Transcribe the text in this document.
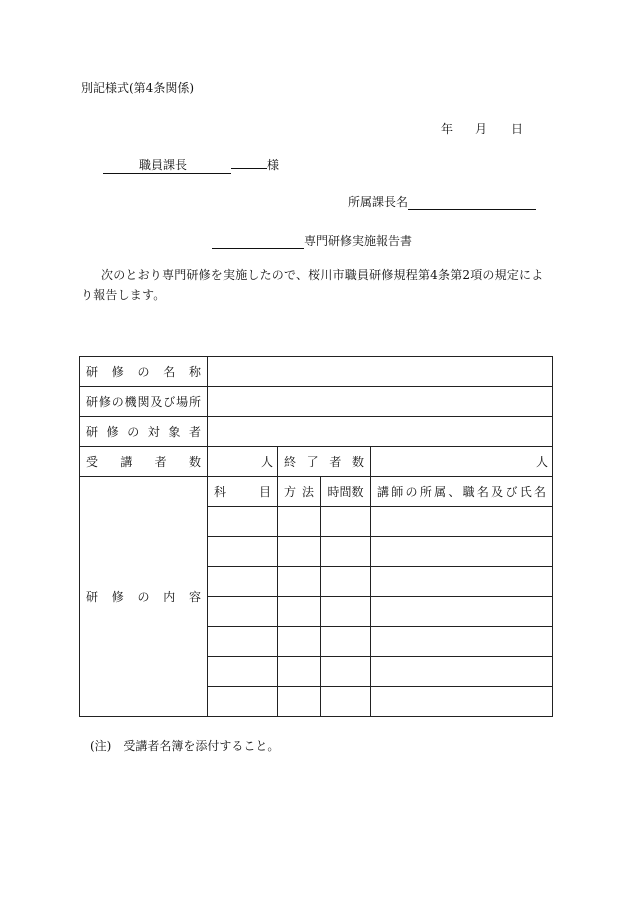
別記様式(第4条関係)
年 月 日
職員課長	様
所属課長名
専門研修実施報告書
次のとおり専門研修を実施したので、桜川市職員研修規程第4条第2項の規定により報告します。
研修の名称				
研修の機関及び場所				
研修の対象者				
受講者数	人	終了者数		人
研修の内容	科目	方法	時間数	講師の所属、職名及び氏名

(注)　受講者名簿を添付すること。
